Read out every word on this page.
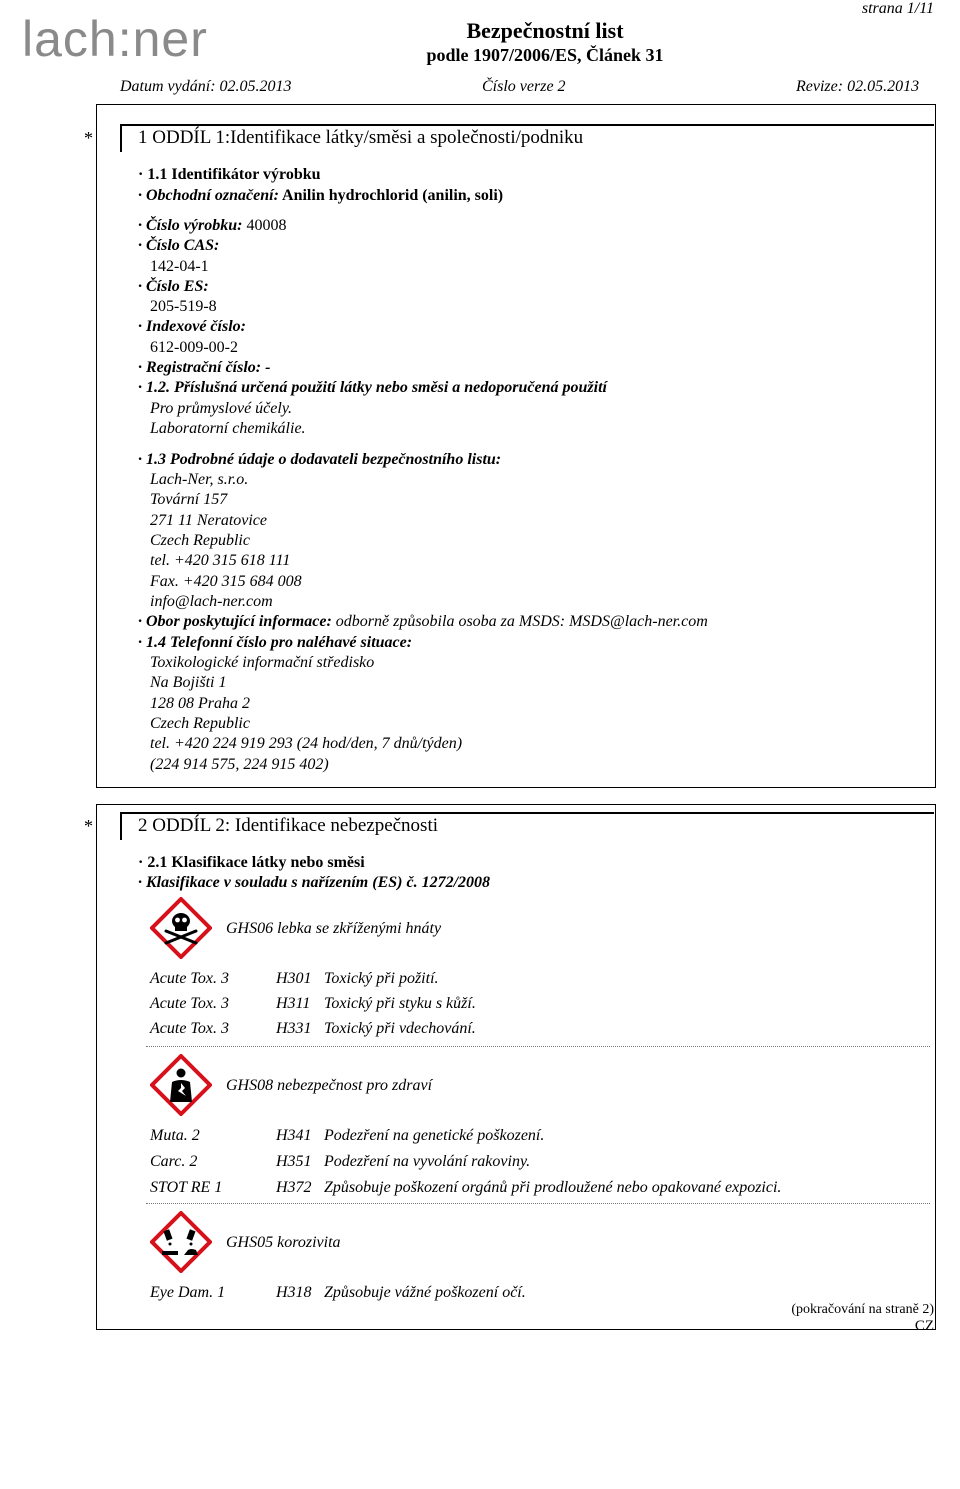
lach:ner	Bezpečnostní list
podle 1907/2006/ES, Článek 31
strana 1/11
Datum vydání: 02.05.2013	Číslo verze 2	Revize: 02.05.2013
* 1 ODDÍL 1:Identifikace látky/směsi a společnosti/podniku
· 1.1 Identifikátor výrobku
· Obchodní označení: Anilin hydrochlorid (anilin, soli)
· Číslo výrobku: 40008
· Číslo CAS:
142-04-1
· Číslo ES:
205-519-8
· Indexové číslo:
612-009-00-2
· Registrační číslo: -
· 1.2. Příslušná určená použití látky nebo směsi a nedoporučená použití
Pro průmyslové účely.
Laboratorní chemikálie.
· 1.3 Podrobné údaje o dodavateli bezpečnostního listu:
Lach-Ner, s.r.o.
Tovární 157
271 11 Neratovice
Czech Republic
tel. +420 315 618 111
Fax. +420 315 684 008
info@lach-ner.com
· Obor poskytující informace: odborně způsobila osoba za MSDS: MSDS@lach-ner.com
· 1.4 Telefonní číslo pro naléhavé situace:
Toxikologické informační středisko
Na Bojišti 1
128 08 Praha 2
Czech Republic
tel. +420 224 919 293 (24 hod/den, 7 dnů/týden)
(224 914 575, 224 915 402)
* 2 ODDÍL 2: Identifikace nebezpečnosti
· 2.1 Klasifikace látky nebo směsi
· Klasifikace v souladu s nařízením (ES) č. 1272/2008
GHS06 lebka se zkříženými hnáty
Acute Tox. 3	H301 Toxický při požití.
Acute Tox. 3	H311 Toxický při styku s kůží.
Acute Tox. 3	H331 Toxický při vdechování.
GHS08 nebezpečnost pro zdraví
Muta. 2	H341 Podezření na genetické poškození.
Carc. 2	H351 Podezření na vyvolání rakoviny.
STOT RE 1	H372 Způsobuje poškození orgánů při prodloužené nebo opakované expozici.
GHS05 korozivita
Eye Dam. 1	H318 Způsobuje vážné poškození očí.
(pokračování na straně 2)
CZ
